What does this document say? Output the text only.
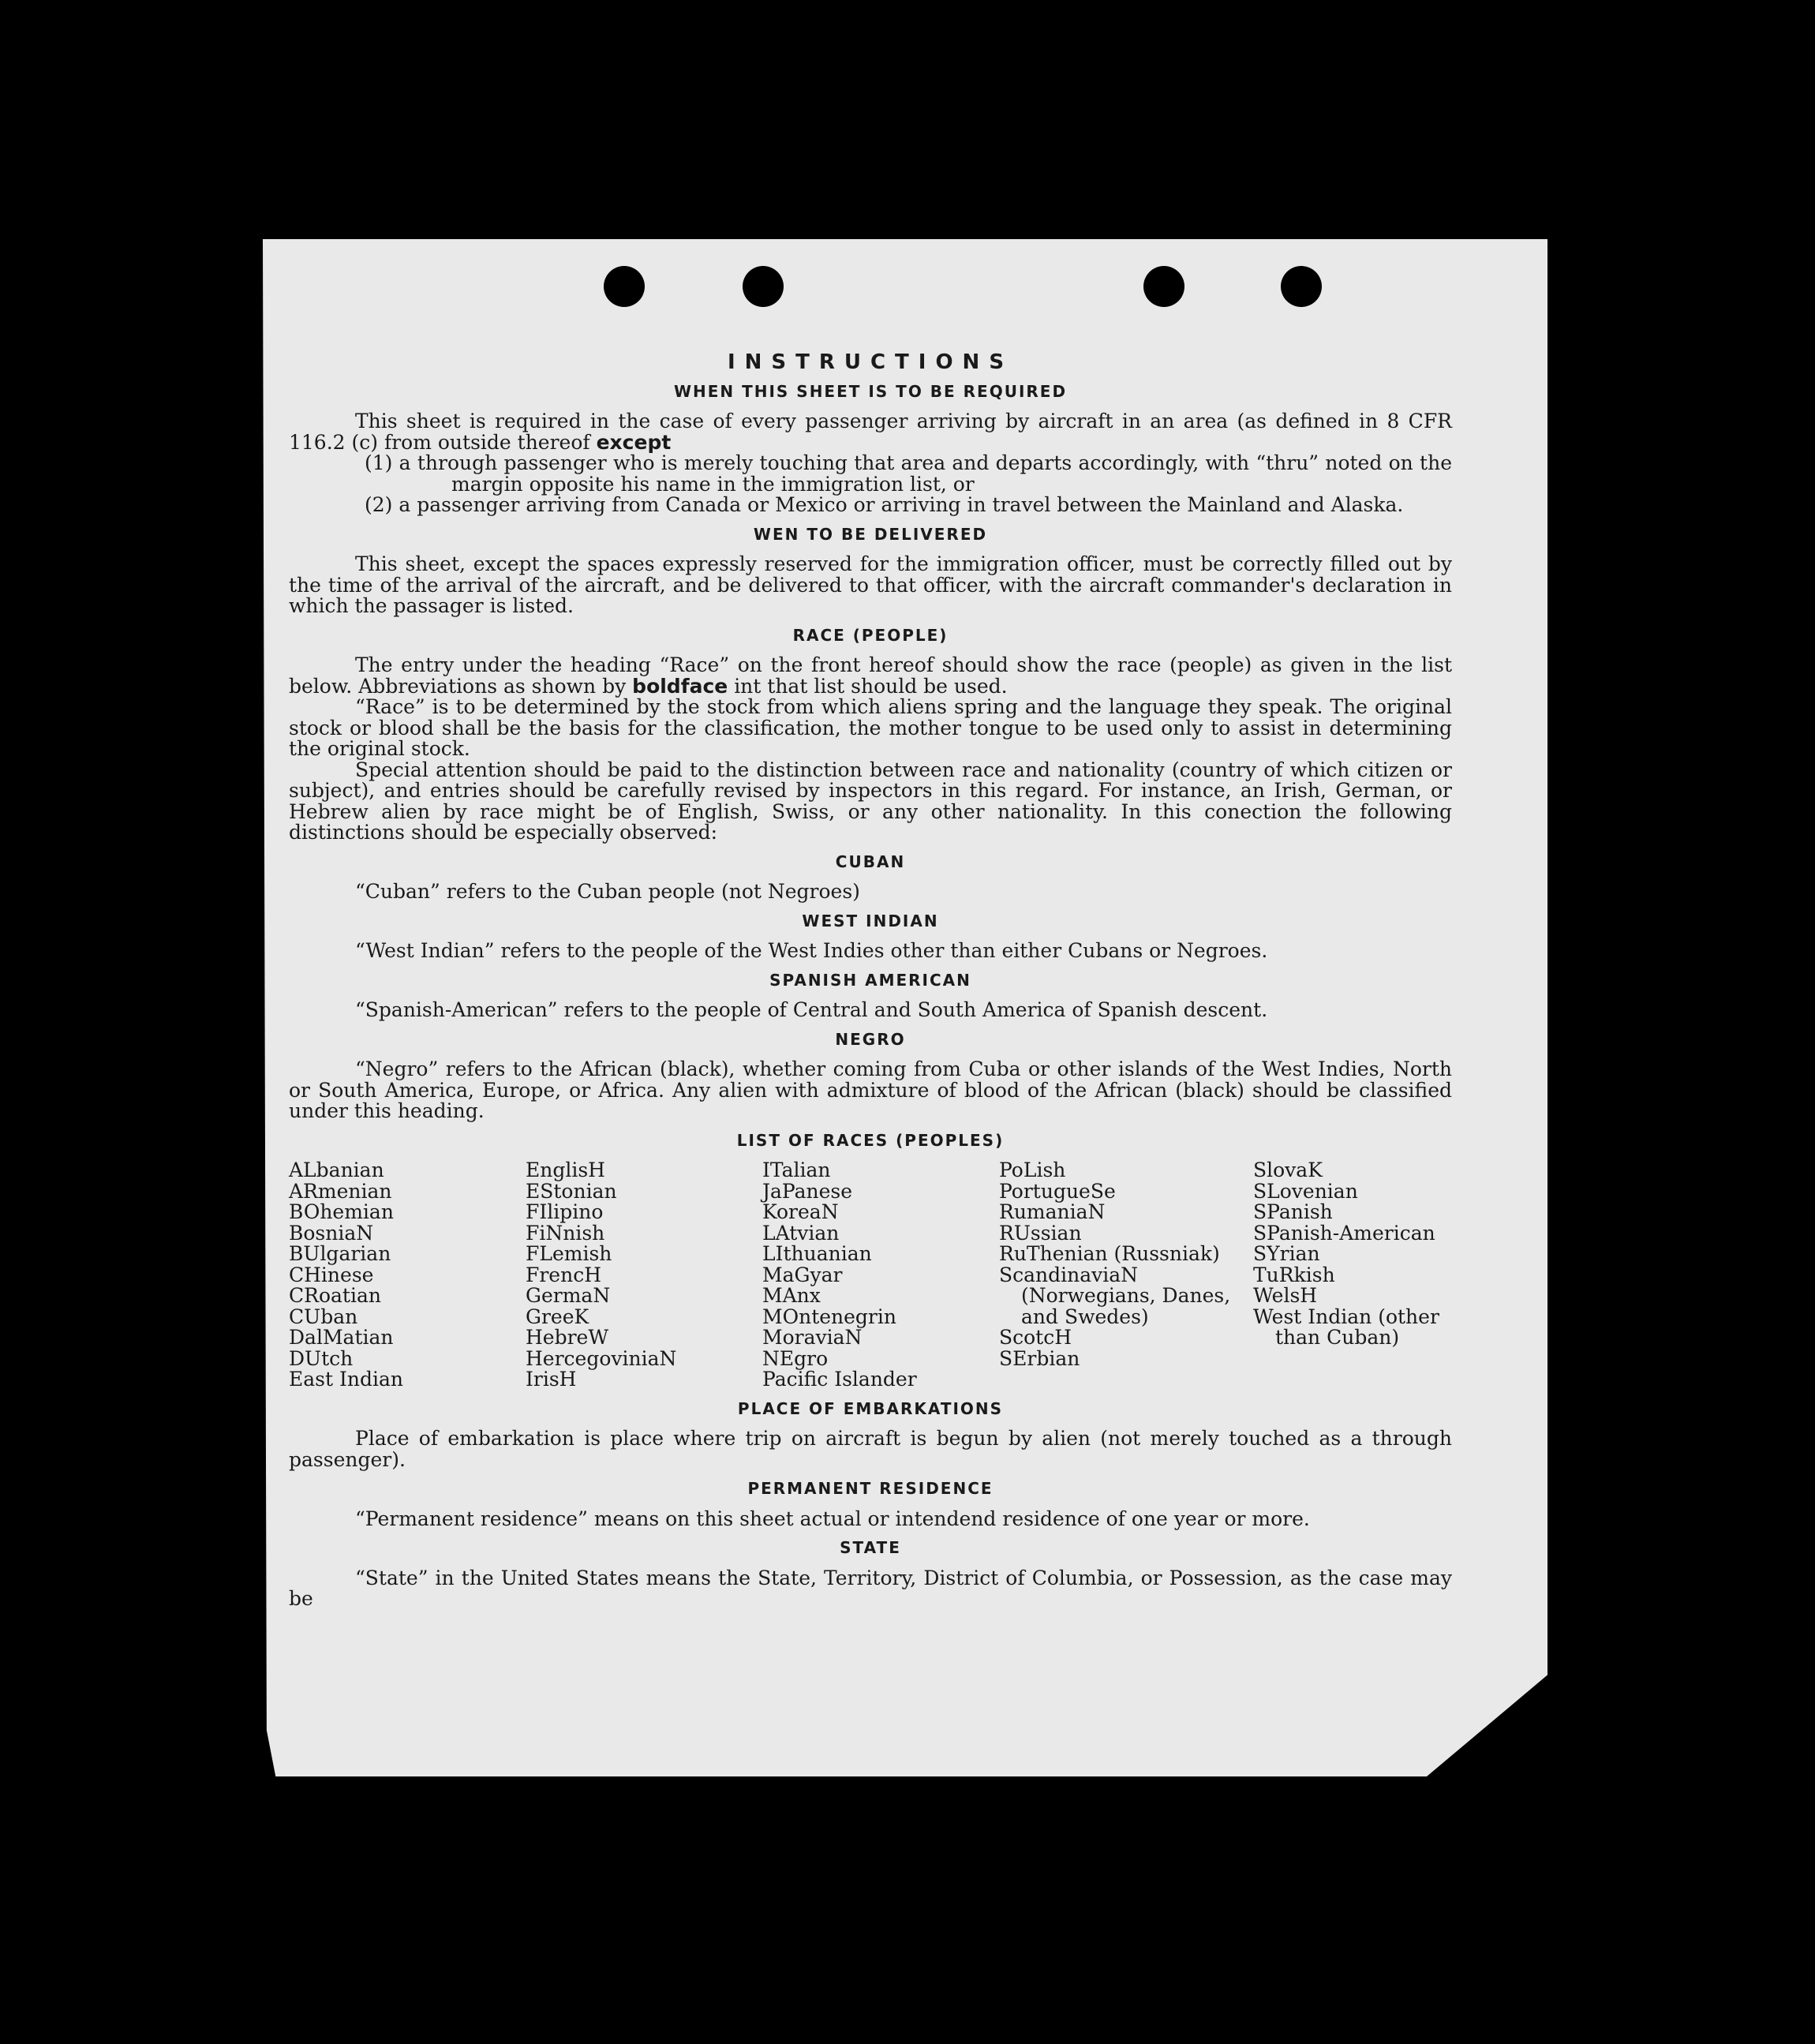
INSTRUCTIONS
WHEN THIS SHEET IS TO BE REQUIRED

This sheet is required in the case of every passenger arriving by aircraft in an area (as defined in 8 CFR 116.2 (c) from outside thereof except

(1) a through passenger who is merely touching that area and departs accordingly, with “thru” noted on the margin opposite his name in the immigration list, or

(2) a passenger arriving from Canada or Mexico or arriving in travel between the Mainland and Alaska.

WEN TO BE DELIVERED

This sheet, except the spaces expressly reserved for the immigration officer, must be correctly filled out by the time of the arrival of the aircraft, and be delivered to that officer, with the aircraft commander's declaration in which the passager is listed.

RACE (PEOPLE)

The entry under the heading “Race” on the front hereof should show the race (people) as given in the list below. Abbreviations as shown by boldface int that list should be used.

“Race” is to be determined by the stock from which aliens spring and the language they speak. The original stock or blood shall be the basis for the classification, the mother tongue to be used only to assist in determining the original stock.

Special attention should be paid to the distinction between race and nationality (country of which citizen or subject), and entries should be carefully revised by inspectors in this regard. For instance, an Irish, German, or Hebrew alien by race might be of English, Swiss, or any other nationality. In this conection the following distinctions should be especially observed:

CUBAN

“Cuban” refers to the Cuban people (not Negroes)

WEST INDIAN

“West Indian” refers to the people of the West Indies other than either Cubans or Negroes.

SPANISH AMERICAN

“Spanish-American” refers to the people of Central and South America of Spanish descent.

NEGRO

“Negro” refers to the African (black), whether coming from Cuba or other islands of the West Indies, North or South America, Europe, or Africa. Any alien with admixture of blood of the African (black) should be classified under this heading.

LIST OF RACES (PEOPLES)
ALbanian
ARmenian
BOhemian
BosniaN
BUlgarian
CHinese
CRoatian
CUban
DalMatian
DUtch
East Indian
EnglisH
EStonian
FIlipino
FiNnish
FLemish
FrencH
GermaN
GreeK
HebreW
HercegoviniaN
IrisH
ITalian
JaPanese
KoreaN
LAtvian
LIthuanian
MaGyar
MAnx
MOntenegrin
MoraviaN
NEgro
Pacific Islander
PoLish
PortugueSe
RumaniaN
RUssian
RuThenian (Russniak)
ScandinaviaN (Norwegians, Danes, and Swedes)
ScotcH
SErbian
SlovaK
SLovenian
SPanish
SPanish-American
SYrian
TuRkish
WelsH
West Indian (other than Cuban)
PLACE OF EMBARKATIONS

Place of embarkation is place where trip on aircraft is begun by alien (not merely touched as a through passenger).

PERMANENT RESIDENCE

“Permanent residence” means on this sheet actual or intendend residence of one year or more.

STATE

“State” in the United States means the State, Territory, District of Columbia, or Possession, as the case may be
